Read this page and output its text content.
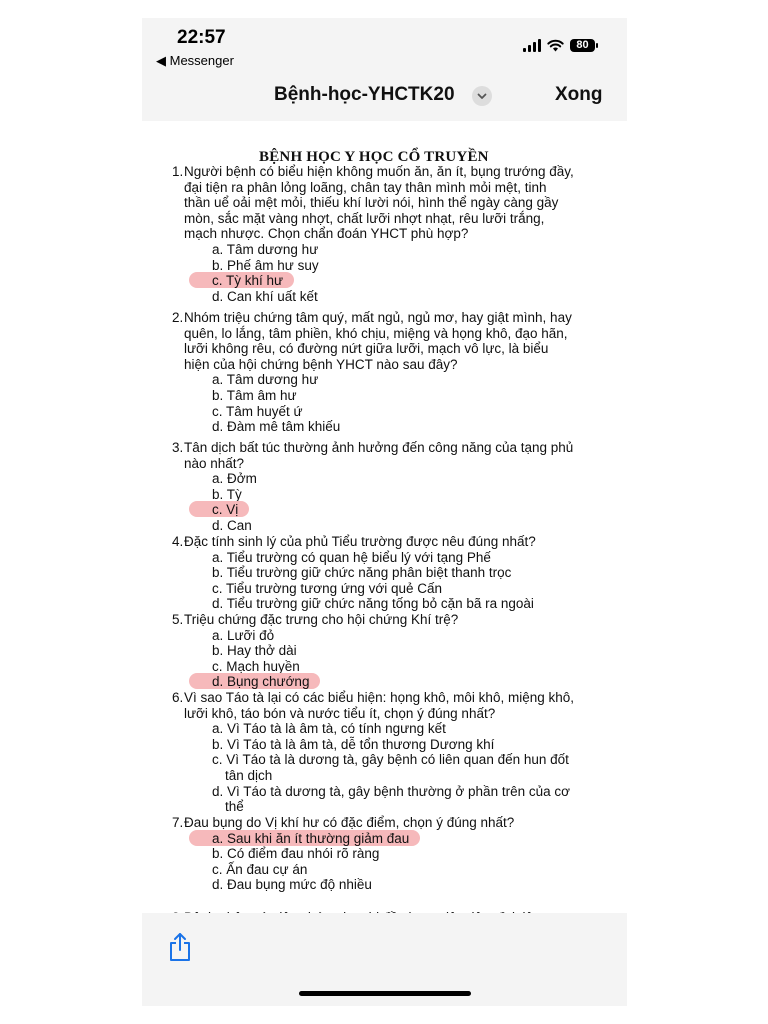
22:57
◀ Messenger
80
Bệnh-học-YHCTK20	Xong
BỆNH HỌC Y HỌC CỔ TRUYỀN
1. Người bệnh có biểu hiện không muốn ăn, ăn ít, bụng trướng đầy,
đại tiện ra phân lỏng loãng, chân tay thân mình mỏi mệt, tinh
thần uể oải mệt mỏi, thiếu khí lười nói, hình thể ngày càng gầy
mòn, sắc mặt vàng nhợt, chất lưỡi nhợt nhạt, rêu lưỡi trắng,
mạch nhược. Chọn chẩn đoán YHCT phù hợp?
a. Tâm dương hư
b. Phế âm hư suy
c. Tỳ khí hư
d. Can khí uất kết
2. Nhóm triệu chứng tâm quý, mất ngủ, ngủ mơ, hay giật mình, hay
quên, lo lắng, tâm phiền, khó chịu, miệng và họng khô, đạo hãn,
lưỡi không rêu, có đường nứt giữa lưỡi, mạch vô lực, là biểu
hiện của hội chứng bệnh YHCT nào sau đây?
a. Tâm dương hư
b. Tâm âm hư
c. Tâm huyết ứ
d. Đàm mê tâm khiếu
3. Tân dịch bất túc thường ảnh hưởng đến công năng của tạng phủ
nào nhất?
a. Đởm
b. Tỳ
c. Vị
d. Can
4. Đặc tính sinh lý của phủ Tiểu trường được nêu đúng nhất?
a. Tiểu trường có quan hệ biểu lý với tạng Phế
b. Tiểu trường giữ chức năng phân biệt thanh trọc
c. Tiểu trường tương ứng với quẻ Cấn
d. Tiểu trường giữ chức năng tống bỏ cặn bã ra ngoài
5. Triệu chứng đặc trưng cho hội chứng Khí trệ?
a. Lưỡi đỏ
b. Hay thở dài
c. Mạch huyền
d. Bụng chướng
6. Vì sao Táo tà lại có các biểu hiện: họng khô, môi khô, miệng khô,
lưỡi khô, táo bón và nước tiểu ít, chọn ý đúng nhất?
a. Vì Táo tà là âm tà, có tính ngưng kết
b. Vì Táo tà là âm tà, dễ tổn thương Dương khí
c. Vì Táo tà là dương tà, gây bệnh có liên quan đến hun đốt
tân dịch
d. Vì Táo tà dương tà, gây bệnh thường ở phần trên của cơ
thể
7. Đau bụng do Vị khí hư có đặc điểm, chọn ý đúng nhất?
a. Sau khi ăn ít thường giảm đau
b. Có điểm đau nhói rõ ràng
c. Ấn đau cự án
d. Đau bụng mức độ nhiều
